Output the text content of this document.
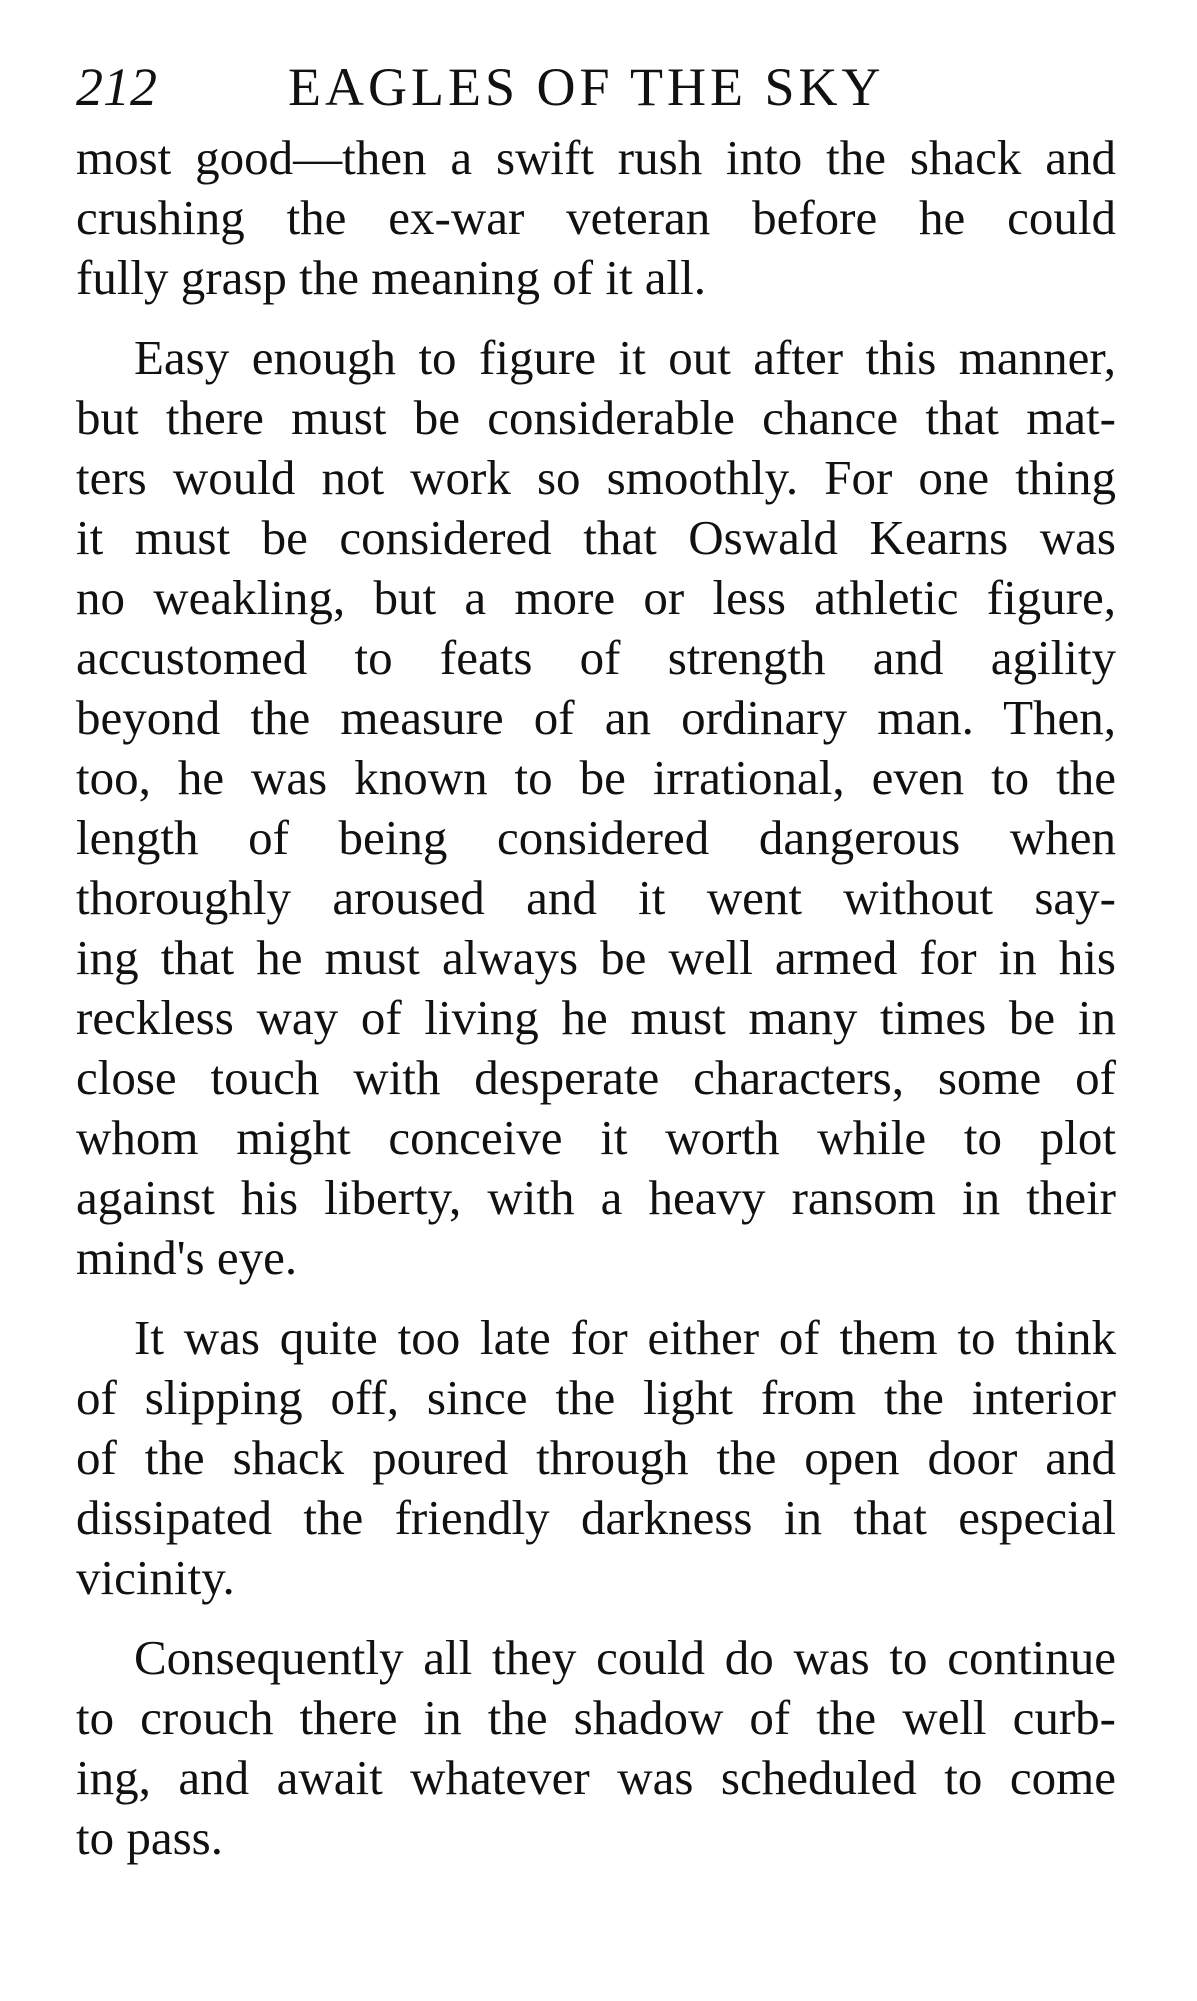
212 EAGLES OF THE SKY
most good—then a swift rush into the shack and
crushing the ex-war veteran before he could
fully grasp the meaning of it all.
Easy enough to figure it out after this manner,
but there must be considerable chance that mat-
ters would not work so smoothly. For one thing
it must be considered that Oswald Kearns was
no weakling, but a more or less athletic figure,
accustomed to feats of strength and agility
beyond the measure of an ordinary man. Then,
too, he was known to be irrational, even to the
length of being considered dangerous when
thoroughly aroused and it went without say-
ing that he must always be well armed for in his
reckless way of living he must many times be in
close touch with desperate characters, some of
whom might conceive it worth while to plot
against his liberty, with a heavy ransom in their
mind's eye.
It was quite too late for either of them to think
of slipping off, since the light from the interior
of the shack poured through the open door and
dissipated the friendly darkness in that especial
vicinity.
Consequently all they could do was to continue
to crouch there in the shadow of the well curb-
ing, and await whatever was scheduled to come
to pass.
